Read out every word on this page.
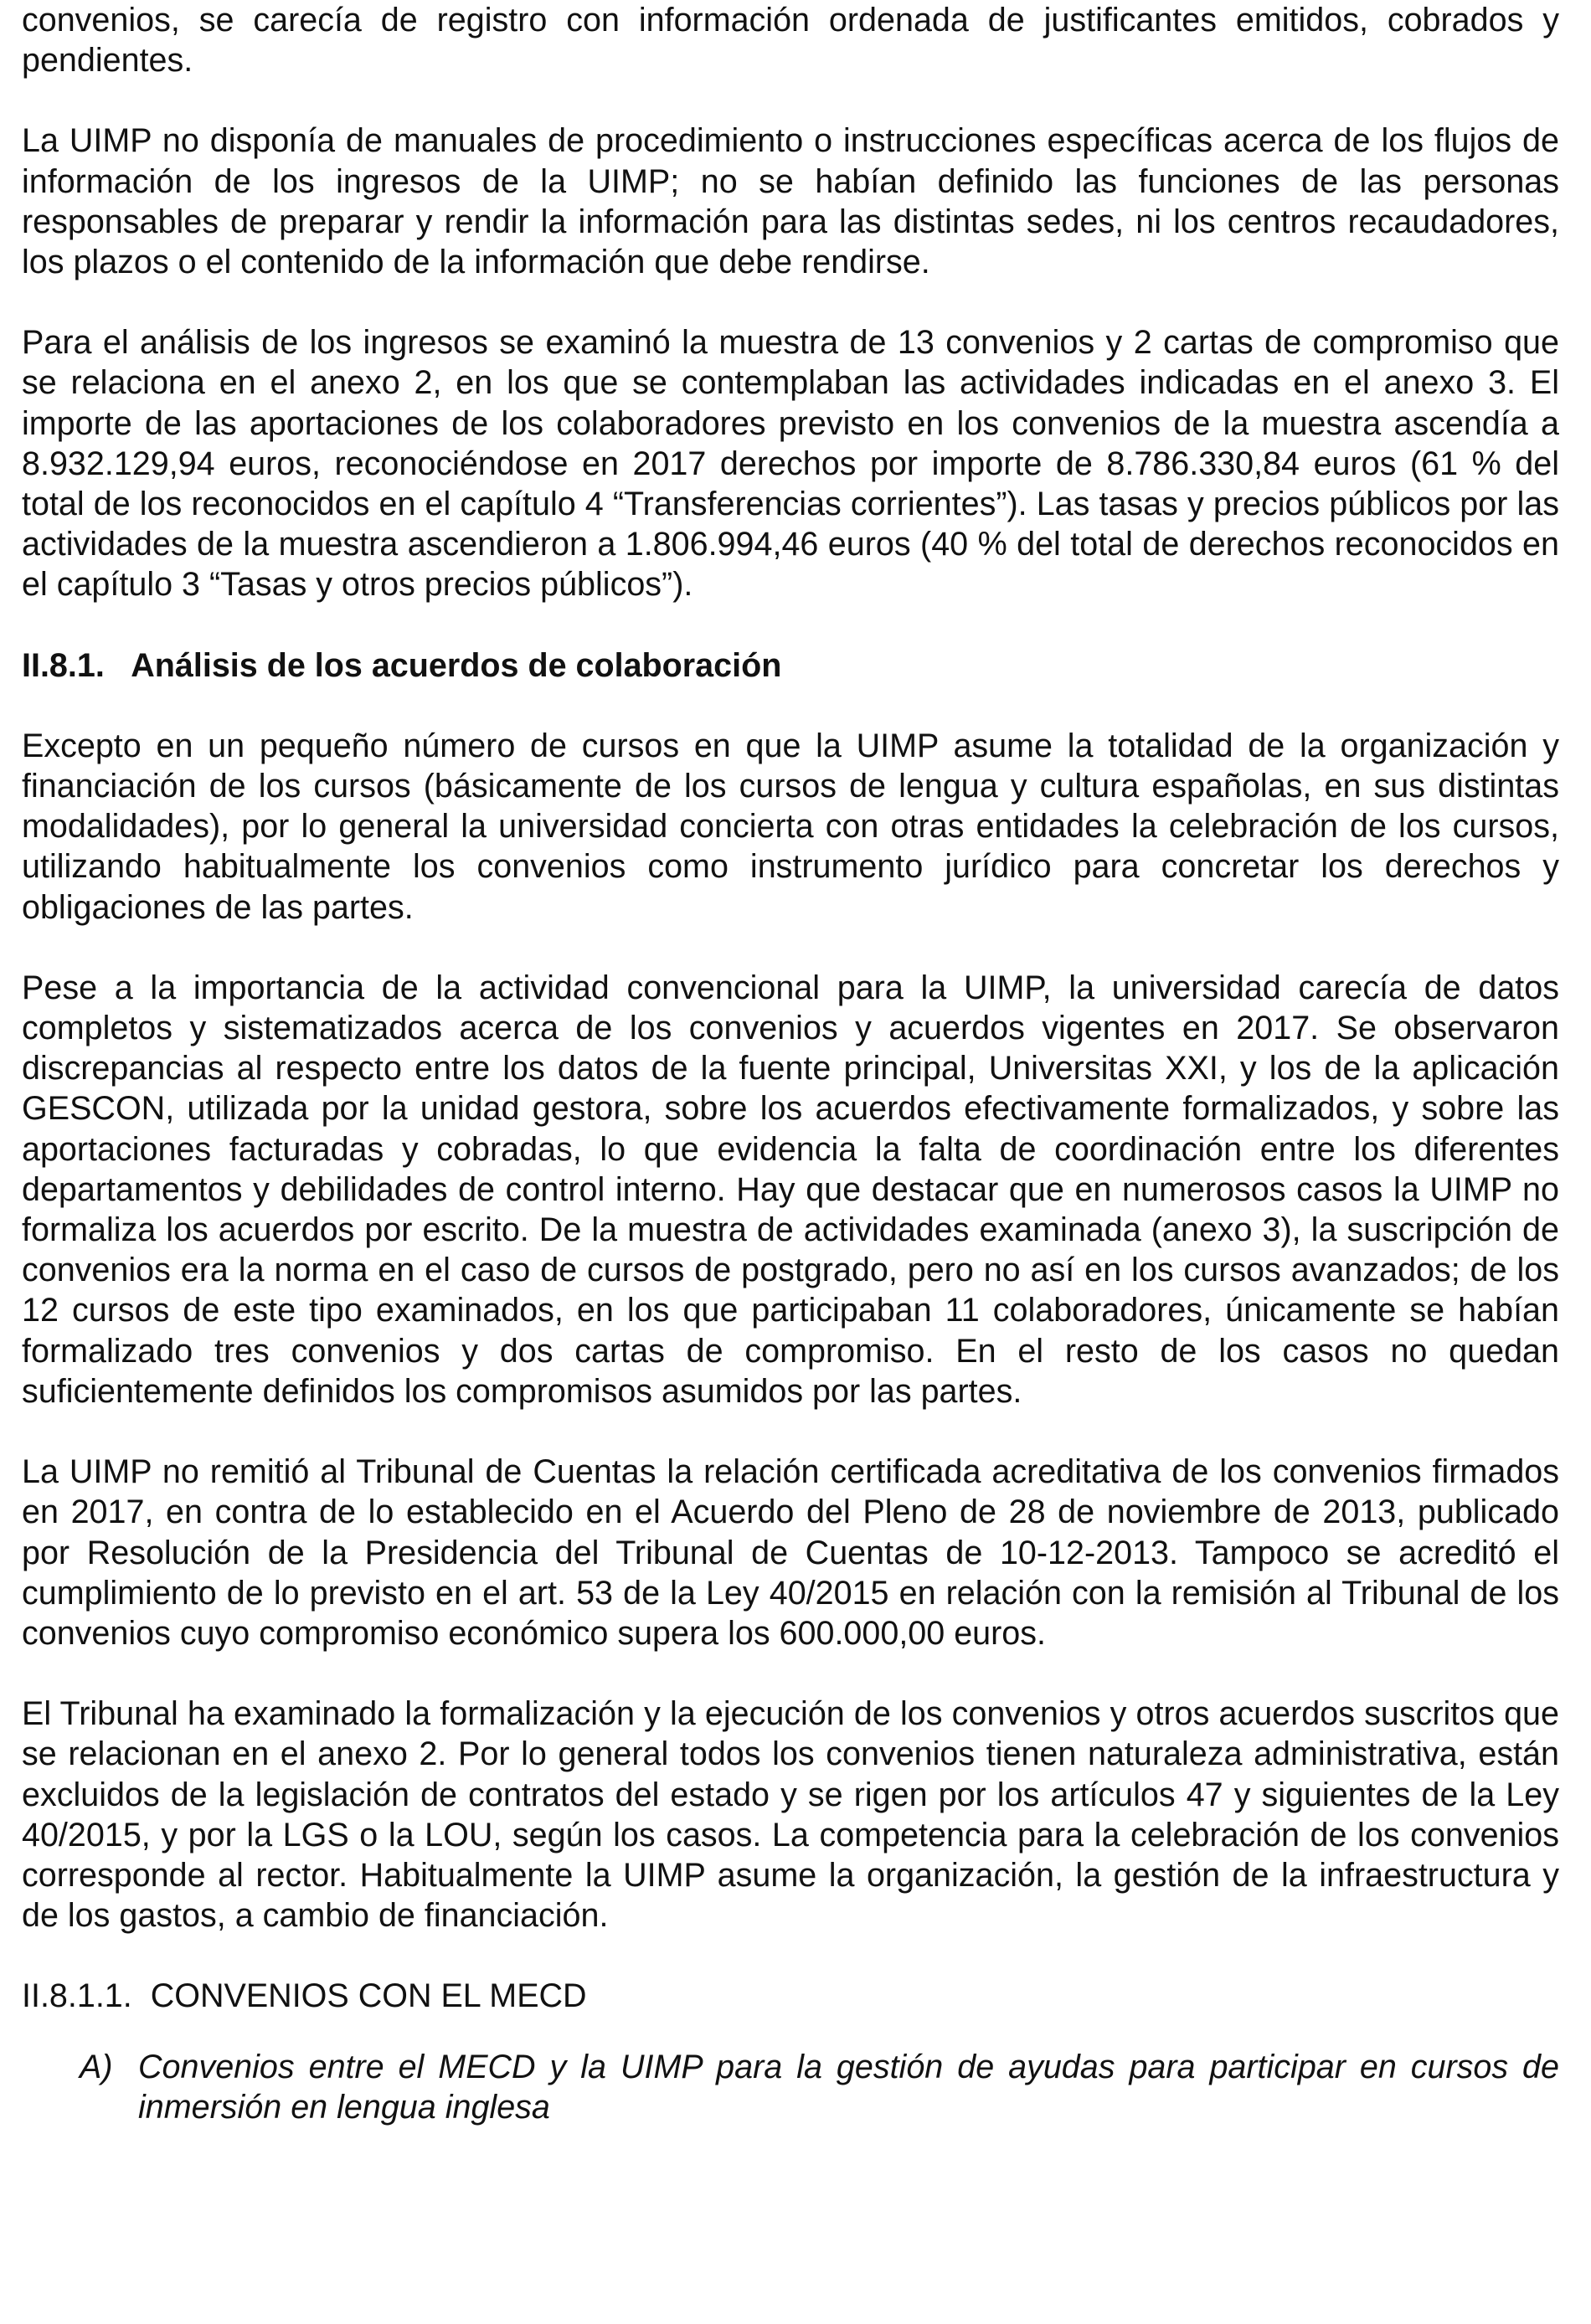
convenios, se carecía de registro con información ordenada de justificantes emitidos, cobrados y pendientes.

La UIMP no disponía de manuales de procedimiento o instrucciones específicas acerca de los flujos de información de los ingresos de la UIMP; no se habían definido las funciones de las personas responsables de preparar y rendir la información para las distintas sedes, ni los centros recaudadores, los plazos o el contenido de la información que debe rendirse.

Para el análisis de los ingresos se examinó la muestra de 13 convenios y 2 cartas de compromiso que se relaciona en el anexo 2, en los que se contemplaban las actividades indicadas en el anexo 3. El importe de las aportaciones de los colaboradores previsto en los convenios de la muestra ascendía a 8.932.129,94 euros, reconociéndose en 2017 derechos por importe de 8.786.330,84 euros (61 % del total de los reconocidos en el capítulo 4 “Transferencias corrientes”). Las tasas y precios públicos por las actividades de la muestra ascendieron a 1.806.994,46 euros (40 % del total de derechos reconocidos en el capítulo 3 “Tasas y otros precios públicos”).

II.8.1.   Análisis de los acuerdos de colaboración

Excepto en un pequeño número de cursos en que la UIMP asume la totalidad de la organización y financiación de los cursos (básicamente de los cursos de lengua y cultura españolas, en sus distintas modalidades), por lo general la universidad concierta con otras entidades la celebración de los cursos, utilizando habitualmente los convenios como instrumento jurídico para concretar los derechos y obligaciones de las partes.

Pese a la importancia de la actividad convencional para la UIMP, la universidad carecía de datos completos y sistematizados acerca de los convenios y acuerdos vigentes en 2017. Se observaron discrepancias al respecto entre los datos de la fuente principal, Universitas XXI, y los de la aplicación GESCON, utilizada por la unidad gestora, sobre los acuerdos efectivamente formalizados, y sobre las aportaciones facturadas y cobradas, lo que evidencia la falta de coordinación entre los diferentes departamentos y debilidades de control interno. Hay que destacar que en numerosos casos la UIMP no formaliza los acuerdos por escrito. De la muestra de actividades examinada (anexo 3), la suscripción de convenios era la norma en el caso de cursos de postgrado, pero no así en los cursos avanzados; de los 12 cursos de este tipo examinados, en los que participaban 11 colaboradores, únicamente se habían formalizado tres convenios y dos cartas de compromiso. En el resto de los casos no quedan suficientemente definidos los compromisos asumidos por las partes.

La UIMP no remitió al Tribunal de Cuentas la relación certificada acreditativa de los convenios firmados en 2017, en contra de lo establecido en el Acuerdo del Pleno de 28 de noviembre de 2013, publicado por Resolución de la Presidencia del Tribunal de Cuentas de 10-12-2013. Tampoco se acreditó el cumplimiento de lo previsto en el art. 53 de la Ley 40/2015 en relación con la remisión al Tribunal de los convenios cuyo compromiso económico supera los 600.000,00 euros.

El Tribunal ha examinado la formalización y la ejecución de los convenios y otros acuerdos suscritos que se relacionan en el anexo 2. Por lo general todos los convenios tienen naturaleza administrativa, están excluidos de la legislación de contratos del estado y se rigen por los artículos 47 y siguientes de la Ley 40/2015, y por la LGS o la LOU, según los casos. La competencia para la celebración de los convenios corresponde al rector. Habitualmente la UIMP asume la organización, la gestión de la infraestructura y de los gastos, a cambio de financiación.

II.8.1.1.  CONVENIOS CON EL MECD

A) Convenios entre el MECD y la UIMP para la gestión de ayudas para participar en cursos de inmersión en lengua inglesa
